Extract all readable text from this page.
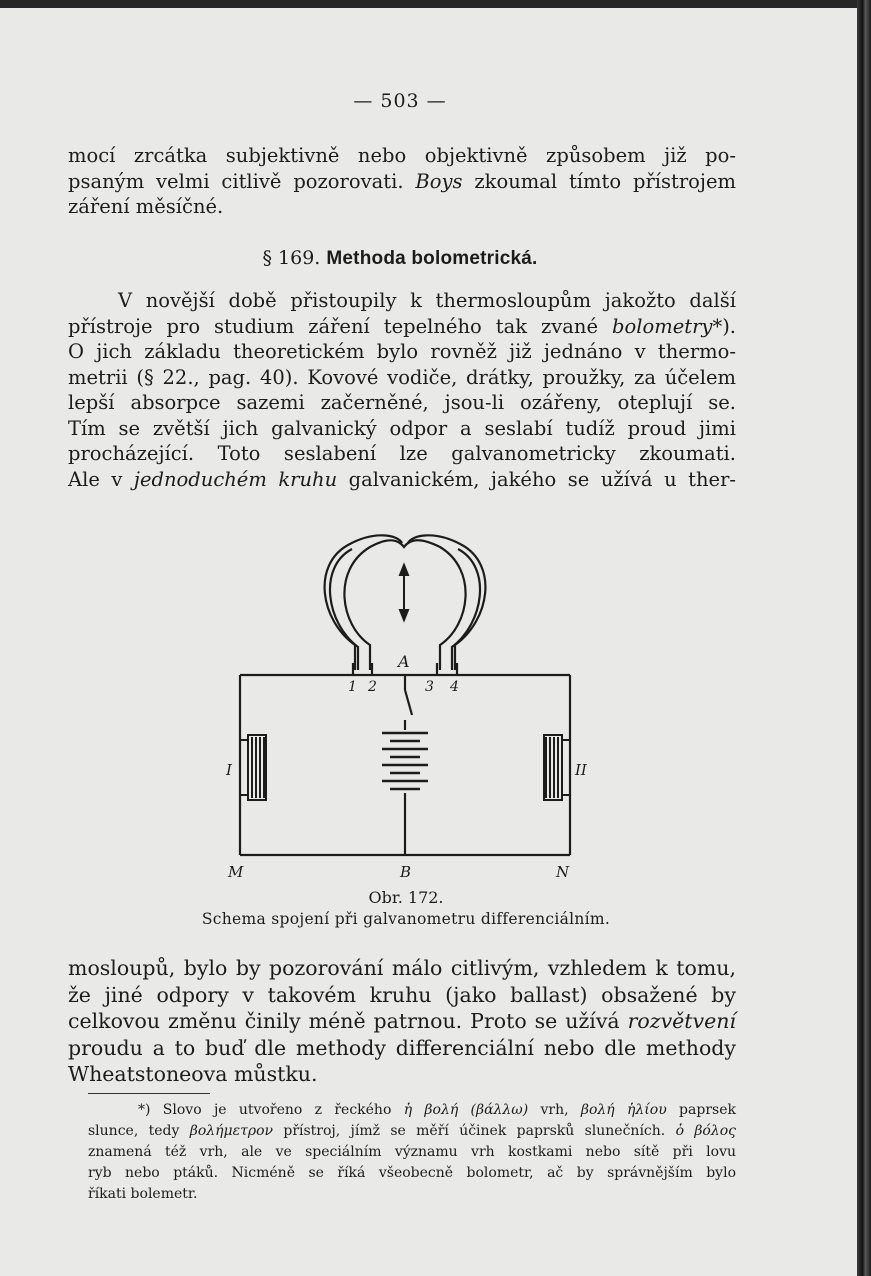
— 503 —
mocí zrcátka subjektivně nebo objektivně způsobem již po-
psaným velmi citlivě pozorovati. Boys zkoumal tímto přístrojem
záření měsíčné.
§ 169. Methoda bolometrická.
V novější době přistoupily k thermosloupům jakožto další
přístroje pro studium záření tepelného tak zvané bolometry*).
O jich základu theoretickém bylo rovněž již jednáno v thermo-
metrii (§ 22., pag. 40). Kovové vodiče, drátky, proužky, za účelem
lepší absorpce sazemi začerněné, jsou-li ozářeny, oteplují se.
Tím se zvětší jich galvanický odpor a seslabí tudíž proud jimi
procházející. Toto seslabení lze galvanometricky zkoumati.
Ale v jednoduchém kruhu galvanickém, jakého se užívá u ther-
A
1 2	3 4
I	II
M	B	N
Obr. 172.
Schema spojení při galvanometru differenciálním.
mosloupů, bylo by pozorování málo citlivým, vzhledem k tomu,
že jiné odpory v takovém kruhu (jako ballast) obsažené by
celkovou změnu činily méně patrnou. Proto se užívá rozvětvení
proudu a to buď dle methody differenciální nebo dle methody
Wheatstoneova můstku.
*) Slovo je utvořeno z řeckého ἡ βολή (βάλλω) vrh, βολή ἡλίου paprsek
slunce, tedy βολήμετρον přístroj, jímž se měří účinek paprsků slunečních. ὁ βόλος
znamená též vrh, ale ve speciálním významu vrh kostkami nebo sítě při lovu
ryb nebo ptáků. Nicméně se říká všeobecně bolometr, ač by správnějším bylo
říkati bolemetr.
